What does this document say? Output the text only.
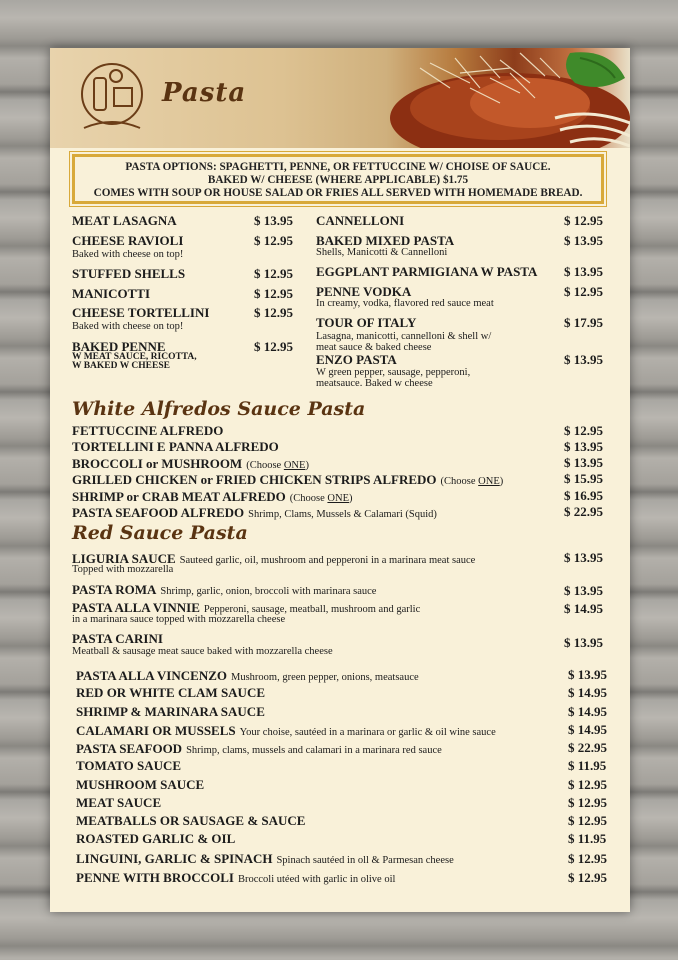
Pasta
PASTA OPTIONS: SPAGHETTI, PENNE, OR FETTUCCINE W/ CHOISE OF SAUCE.
BAKED W/ CHEESE (WHERE APPLICABLE) $1.75
COMES WITH SOUP OR HOUSE SALAD OR FRIES ALL SERVED WITH HOMEMADE BREAD.
MEAT LASAGNA	$ 13.95
CHEESE RAVIOLI
Baked with cheese on top!
$ 12.95
STUFFED SHELLS	$ 12.95
MANICOTTI	$ 12.95
CHEESE TORTELLINI
Baked with cheese on top!
$ 12.95
BAKED PENNE
W MEAT SAUCE, RICOTTA,
W BAKED W CHEESE
$ 12.95
CANNELLONI	$ 12.95
BAKED MIXED PASTA
Shells, Manicotti & Cannelloni
$ 13.95
EGGPLANT PARMIGIANA W PASTA $ 13.95
PENNE VODKA
In creamy, vodka, flavored red sauce meat
$ 12.95
TOUR OF ITALY
Lasagna, manicotti, cannelloni & shell w/
meat sauce & baked cheese
$ 17.95
ENZO PASTA
W green pepper, sausage, pepperoni,
meatsauce. Baked w cheese
$ 13.95
White Alfredos Sauce Pasta
FETTUCCINE ALFREDO	$ 12.95
TORTELLINI E PANNA ALFREDO	$ 13.95
BROCCOLI or MUSHROOM (Choose ONE)	$ 13.95
GRILLED CHICKEN or FRIED CHICKEN STRIPS ALFREDO (Choose ONE)	$ 15.95
SHRIMP or CRAB MEAT ALFREDO (Choose ONE)	$ 16.95
PASTA SEAFOOD ALFREDO Shrimp, Clams, Mussels & Calamari (Squid)	$ 22.95
Red Sauce Pasta
LIGURIA SAUCE Sauteed garlic, oil, mushroom and pepperoni in a marinara meat sauce
Topped with mozzarella
$ 13.95
PASTA ROMA Shrimp, garlic, onion, broccoli with marinara sauce	$ 13.95
PASTA ALLA VINNIE Pepperoni, sausage, meatball, mushroom and garlic
in a marinara sauce topped with mozzarella cheese
$ 14.95
PASTA CARINI
Meatball & sausage meat sauce baked with mozzarella cheese
$ 13.95
PASTA ALLA VINCENZO Mushroom, green pepper, onions, meatsauce	$ 13.95
RED OR WHITE CLAM SAUCE	$ 14.95
SHRIMP & MARINARA SAUCE	$ 14.95
CALAMARI OR MUSSELS Your choise, sautéed in a marinara or garlic & oil wine sauce	$ 14.95
PASTA SEAFOOD Shrimp, clams, mussels and calamari in a marinara red sauce	$ 22.95
TOMATO SAUCE	$ 11.95
MUSHROOM SAUCE	$ 12.95
MEAT SAUCE	$ 12.95
MEATBALLS OR SAUSAGE & SAUCE	$ 12.95
ROASTED GARLIC & OIL	$ 11.95
LINGUINI, GARLIC & SPINACH Spinach sautéed in oll & Parmesan cheese	$ 12.95
PENNE WITH BROCCOLI Broccoli utéed with garlic in olive oil	$ 12.95
